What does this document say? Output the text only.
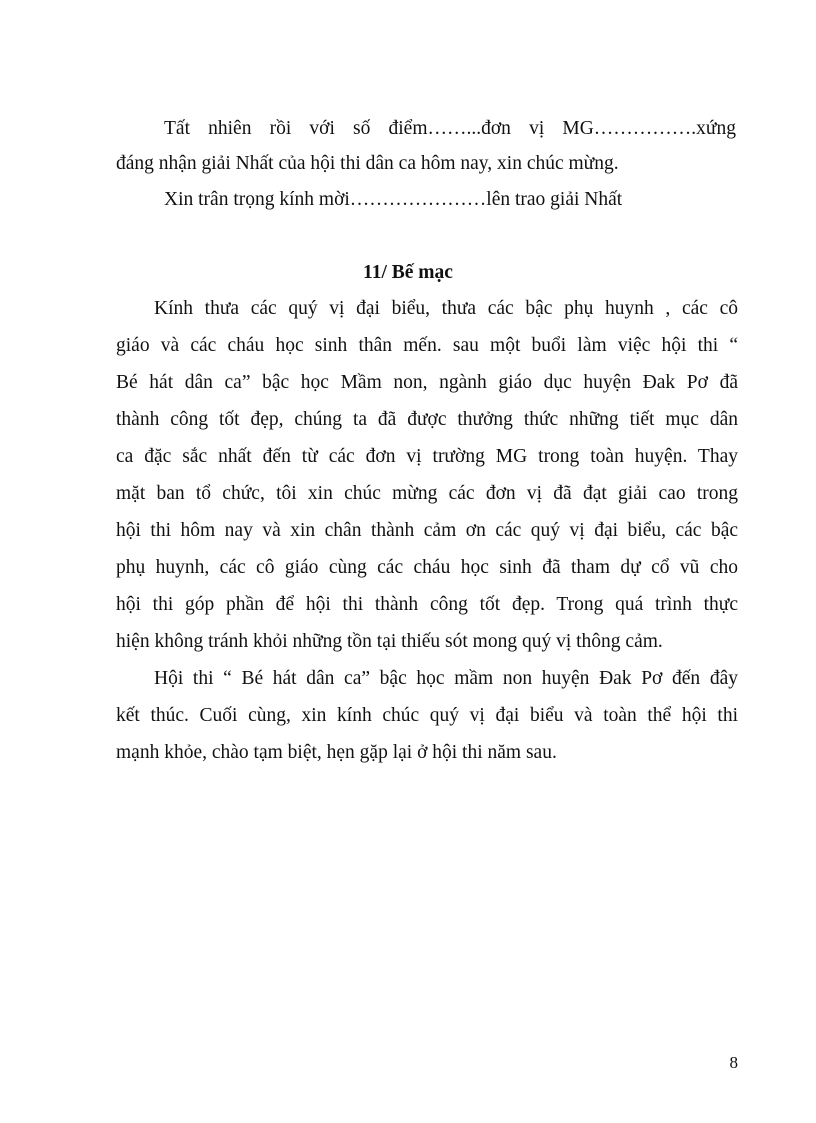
Tất nhiên rồi với số điểm……...đơn vị MG…………….xứng
đáng nhận giải Nhất của hội thi dân ca hôm nay, xin chúc mừng.
Xin trân trọng kính mời…………………lên trao giải Nhất
11/ Bế mạc
Kính thưa các quý vị đại biểu, thưa các bậc phụ huynh , các cô
giáo và các cháu học sinh thân mến. sau một buổi làm việc hội thi “
Bé hát dân ca” bậc học Mầm non, ngành giáo dục huyện Đak Pơ đã
thành công tốt đẹp, chúng ta đã được thưởng thức những tiết mục dân
ca đặc sắc nhất đến từ các đơn vị trường MG trong toàn huyện. Thay
mặt ban tổ chức, tôi xin chúc mừng các đơn vị đã đạt giải cao trong
hội thi hôm nay và xin chân thành cảm ơn các quý vị đại biểu, các bậc
phụ huynh, các cô giáo cùng các cháu học sinh đã tham dự cổ vũ cho
hội thi góp phần để hội thi thành công tốt đẹp. Trong quá trình thực
hiện không tránh khỏi những tồn tại thiếu sót mong quý vị thông cảm.
Hội thi “ Bé hát dân ca” bậc học mầm non huyện Đak Pơ đến đây
kết thúc. Cuối cùng, xin kính chúc quý vị đại biểu và toàn thể hội thi
mạnh khỏe, chào tạm biệt, hẹn gặp lại ở hội thi năm sau.
8
